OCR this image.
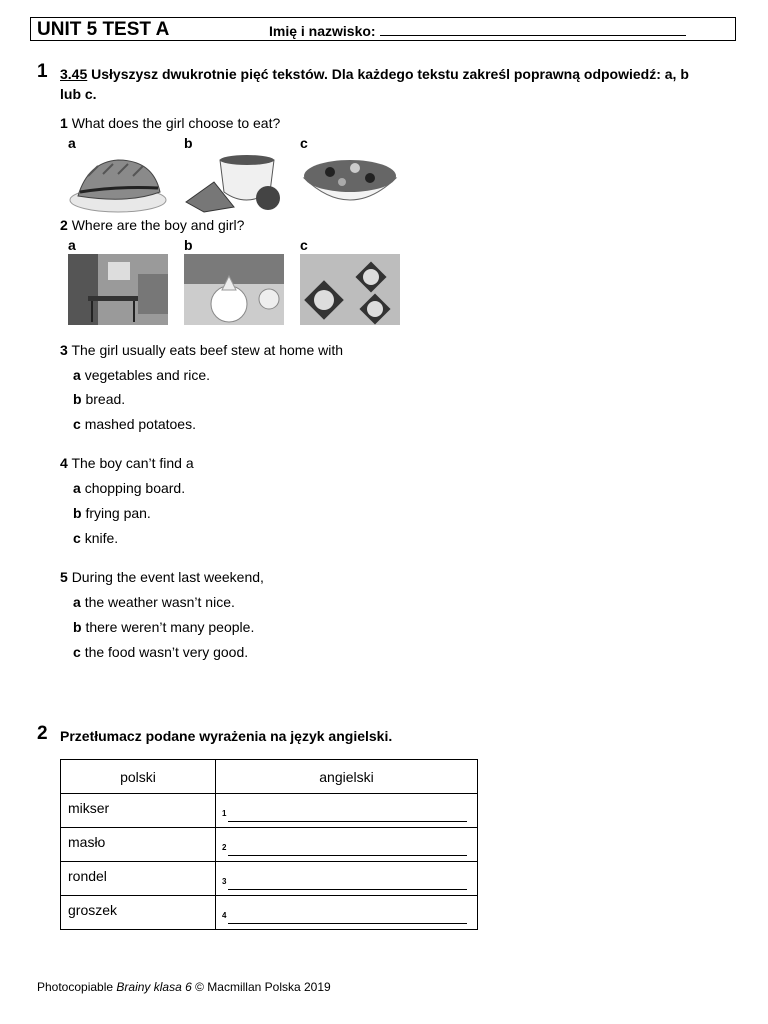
UNIT 5 TEST A	Imię i nazwisko:
1 3.45 Usłyszysz dwukrotnie pięć tekstów. Dla każdego tekstu zakreśl poprawną odpowiedź: a, b
lub c.
1 What does the girl choose to eat?
a	b	c
2 Where are the boy and girl?
a	b	c
3 The girl usually eats beef stew at home with
a vegetables and rice.
b bread.
c mashed potatoes.
4 The boy can’t find a
a chopping board.
b frying pan.
c knife.
5 During the event last weekend,
a the weather wasn’t nice.
b there weren’t many people.
c the food wasn’t very good.
2 Przetłumacz podane wyrażenia na język angielski.
polski	angielski
mikser	1

masło	2

rondel	3

groszek	4
Photocopiable Brainy klasa 6 © Macmillan Polska 2019
